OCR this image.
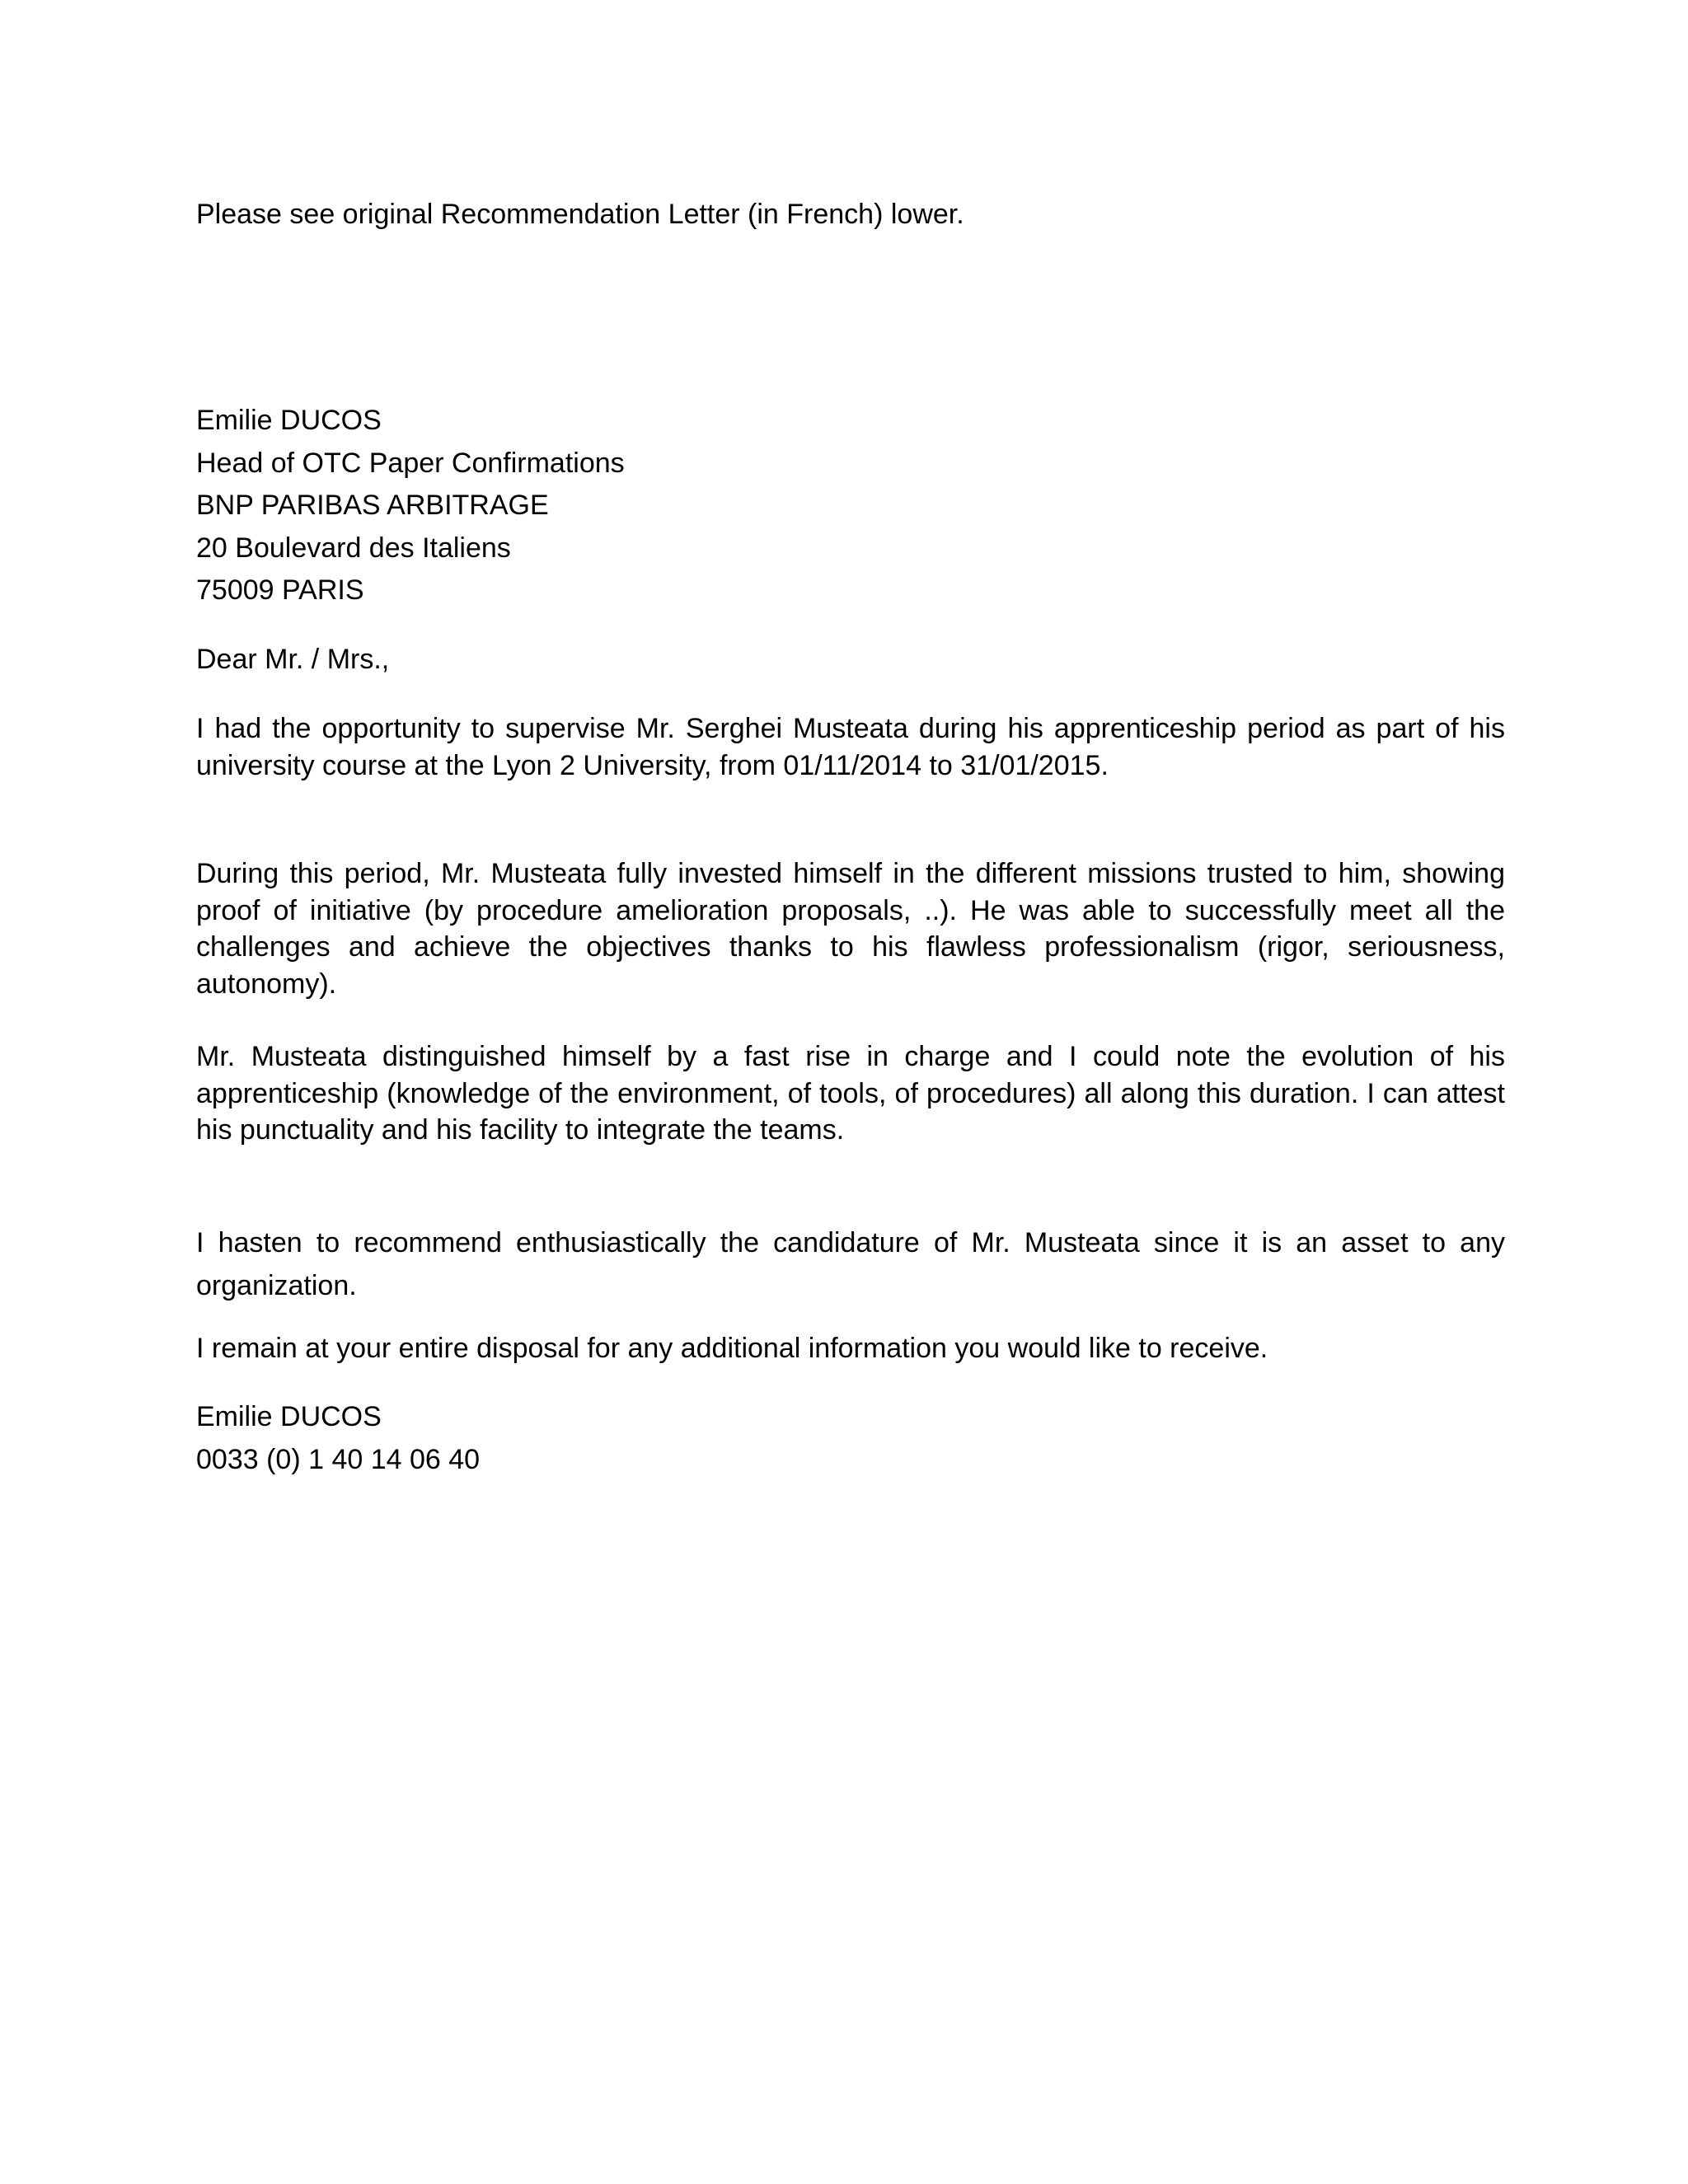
Please see original Recommendation Letter (in French) lower.

Emilie DUCOS
Head of OTC Paper Confirmations
BNP PARIBAS ARBITRAGE
20 Boulevard des Italiens
75009 PARIS

Dear Mr. / Mrs.,

I had the opportunity to supervise Mr. Serghei Musteata during his apprenticeship period as part of his university course at the Lyon 2 University, from 01/11/2014 to 31/01/2015.

During this period, Mr. Musteata fully invested himself in the different missions trusted to him, showing proof of initiative (by procedure amelioration proposals, ..). He was able to successfully meet all the challenges and achieve the objectives thanks to his flawless professionalism (rigor, seriousness, autonomy).

Mr. Musteata distinguished himself by a fast rise in charge and I could note the evolution of his apprenticeship (knowledge of the environment, of tools, of procedures) all along this duration. I can attest his punctuality and his facility to integrate the teams.

I hasten to recommend enthusiastically the candidature of Mr. Musteata since it is an asset to any organization.

I remain at your entire disposal for any additional information you would like to receive.

Emilie DUCOS
0033 (0) 1 40 14 06 40
